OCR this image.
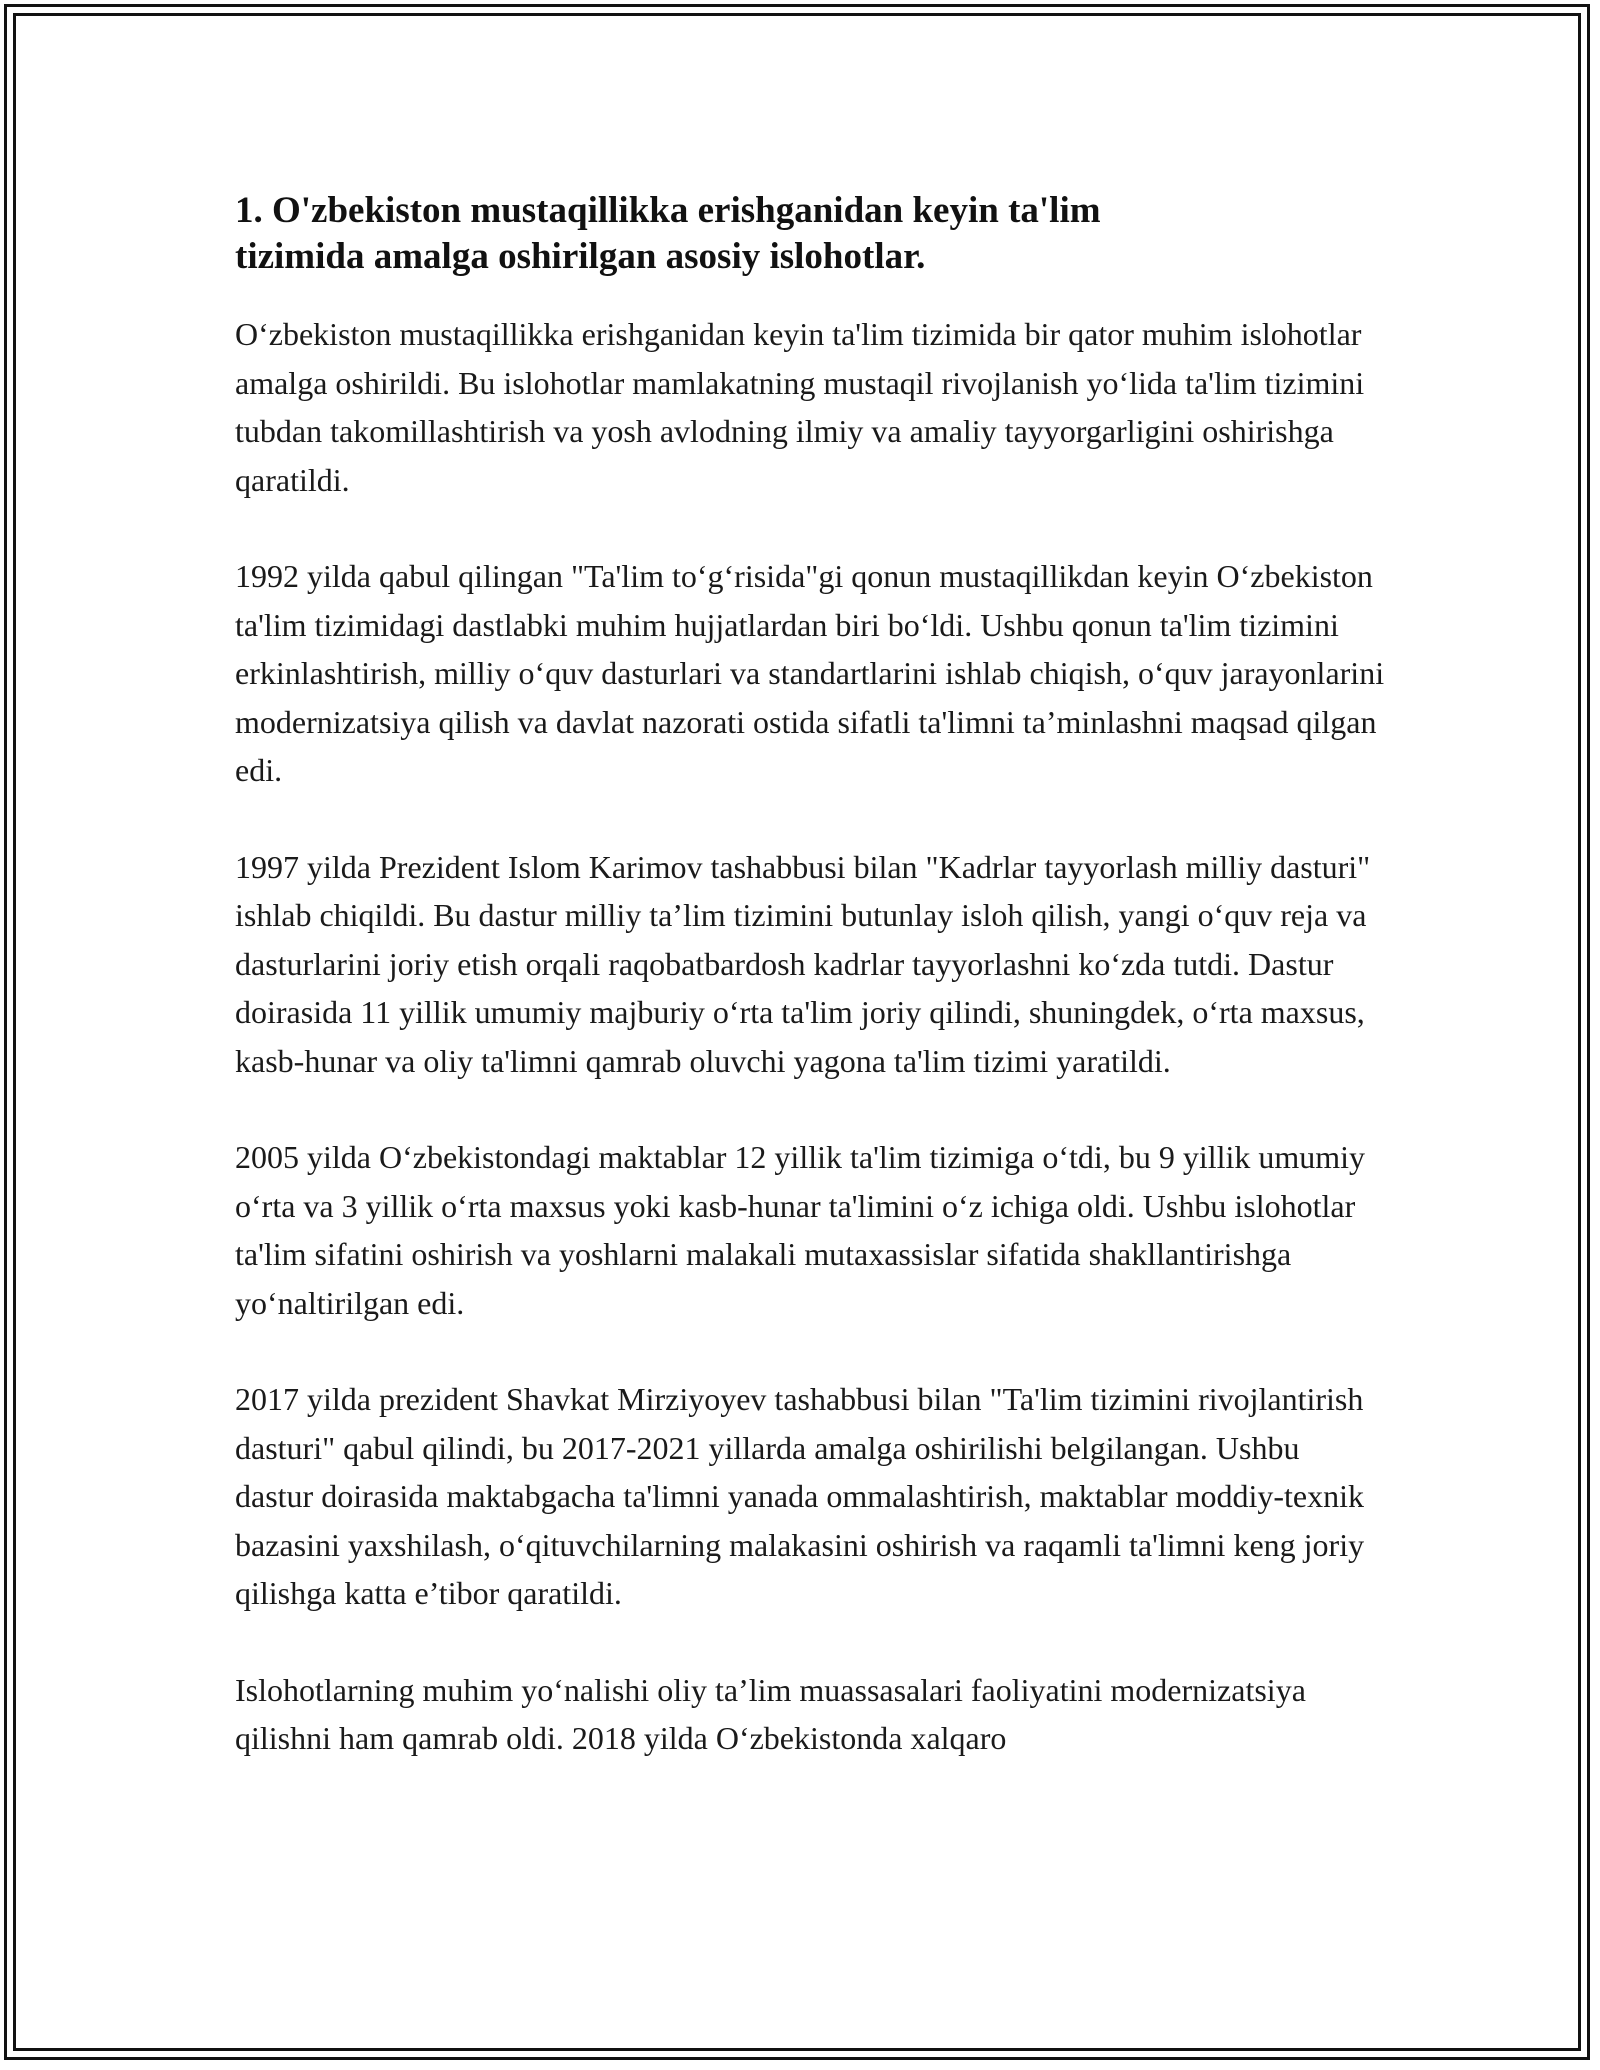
1. O'zbekiston mustaqillikka erishganidan keyin ta'lim
tizimida amalga oshirilgan asosiy islohotlar.

Oʻzbekiston mustaqillikka erishganidan keyin ta'lim tizimida bir qator muhim islohotlar amalga oshirildi. Bu islohotlar mamlakatning mustaqil rivojlanish yoʻlida ta'lim tizimini tubdan takomillashtirish va yosh avlodning ilmiy va amaliy tayyorgarligini oshirishga qaratildi.

1992 yilda qabul qilingan "Ta'lim toʻgʻrisida"gi qonun mustaqillikdan keyin Oʻzbekiston ta'lim tizimidagi dastlabki muhim hujjatlardan biri boʻldi. Ushbu qonun ta'lim tizimini erkinlashtirish, milliy oʻquv dasturlari va standartlarini ishlab chiqish, oʻquv jarayonlarini modernizatsiya qilish va davlat nazorati ostida sifatli ta'limni ta’minlashni maqsad qilgan edi.

1997 yilda Prezident Islom Karimov tashabbusi bilan "Kadrlar tayyorlash milliy dasturi" ishlab chiqildi. Bu dastur milliy ta’lim tizimini butunlay isloh qilish, yangi oʻquv reja va dasturlarini joriy etish orqali raqobatbardosh kadrlar tayyorlashni koʻzda tutdi. Dastur doirasida 11 yillik umumiy majburiy oʻrta ta'lim joriy qilindi, shuningdek, oʻrta maxsus, kasb-hunar va oliy ta'limni qamrab oluvchi yagona ta'lim tizimi yaratildi.

2005 yilda Oʻzbekistondagi maktablar 12 yillik ta'lim tizimiga oʻtdi, bu 9 yillik umumiy oʻrta va 3 yillik oʻrta maxsus yoki kasb-hunar ta'limini oʻz ichiga oldi. Ushbu islohotlar ta'lim sifatini oshirish va yoshlarni malakali mutaxassislar sifatida shakllantirishga yoʻnaltirilgan edi.

2017 yilda prezident Shavkat Mirziyoyev tashabbusi bilan "Ta'lim tizimini rivojlantirish dasturi" qabul qilindi, bu 2017-2021 yillarda amalga oshirilishi belgilangan. Ushbu dastur doirasida maktabgacha ta'limni yanada ommalashtirish, maktablar moddiy-texnik bazasini yaxshilash, oʻqituvchilarning malakasini oshirish va raqamli ta'limni keng joriy qilishga katta e’tibor qaratildi.

Islohotlarning muhim yoʻnalishi oliy ta’lim muassasalari faoliyatini modernizatsiya qilishni ham qamrab oldi. 2018 yilda Oʻzbekistonda xalqaro
